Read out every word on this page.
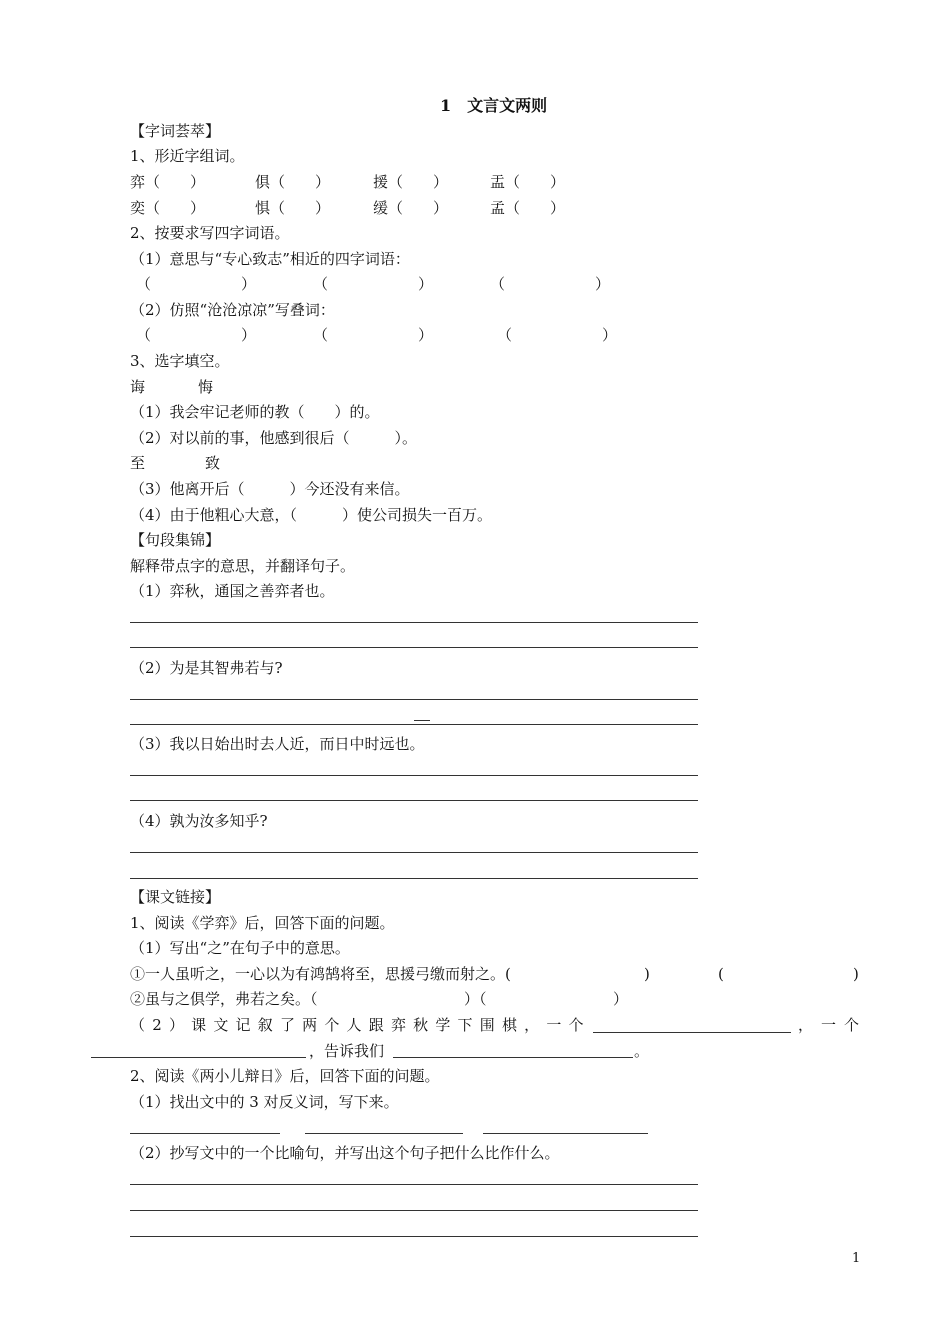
1　文言文两则
【字词荟萃】
1、形近字组词。
弈（　　）	俱（　　）	援（　　）	盂（　　）
奕（　　）	惧（　　）	缓（　　）	孟（　　）
2、按要求写四字词语。
（1）意思与“专心致志”相近的四字词语：
（　　　　　　）	（　　　　　　）	（　　　　　　）
（2）仿照“沧沧凉凉”写叠词：
（　　　　　　）	（　　　　　　）	（　　　　　　）
3、选字填空。
诲	悔
（1）我会牢记老师的教（　　）的。
（2）对以前的事，他感到很后（　　　）。
至	致
（3）他离开后（　　　）今还没有来信。
（4）由于他粗心大意，（　　　）使公司损失一百万。
【句段集锦】
解释带点字的意思，并翻译句子。
（1）弈秋，通国之善弈者也。
（2）为是其智弗若与?
（3）我以日始出时去人近，而日中时远也。
（4）孰为汝多知乎?
【课文链接】
1、阅读《学弈》后，回答下面的问题。
（1）写出“之”在句子中的意思。
①一人虽听之，一心以为有鸿鹄将至，思援弓缴而射之。(	)	(	)
②虽与之俱学，弗若之矣。（	）（	）
（2）课文记叙了两个人跟弈秋学下围棋，一个	，一个
，告诉我们	。
2、阅读《两小儿辩日》后，回答下面的问题。
（1）找出文中的 3 对反义词，写下来。
（2）抄写文中的一个比喻句，并写出这个句子把什么比作什么。
1
